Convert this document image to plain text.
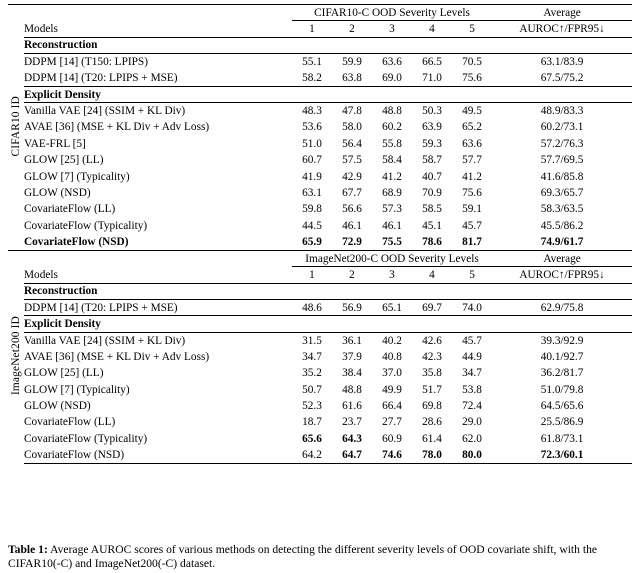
CIFAR10 ID		CIFAR10-C OOD Severity Levels					Average
	Models	1	2	3	4	5	AUROC↑/FPR95↓
	Reconstruction						
	DDPM [14] (T150: LPIPS)	55.1	59.9	63.6	66.5	70.5	63.1/83.9
	DDPM [14] (T20: LPIPS + MSE)	58.2	63.8	69.0	71.0	75.6	67.5/75.2
	Explicit Density						
	Vanilla VAE [24] (SSIM + KL Div)	48.3	47.8	48.8	50.3	49.5	48.9/83.3
	AVAE [36] (MSE + KL Div + Adv Loss)	53.6	58.0	60.2	63.9	65.2	60.2/73.1
	VAE-FRL [5]	51.0	56.4	55.8	59.3	63.6	57.2/76.3
	GLOW [25] (LL)	60.7	57.5	58.4	58.7	57.7	57.7/69.5
	GLOW [7] (Typicality)	41.9	42.9	41.2	40.7	41.2	41.6/85.8
	GLOW (NSD)	63.1	67.7	68.9	70.9	75.6	69.3/65.7
	CovariateFlow (LL)	59.8	56.6	57.3	58.5	59.1	58.3/63.5
	CovariateFlow (Typicality)	44.5	46.1	46.1	45.1	45.7	45.5/86.2
	CovariateFlow (NSD)	65.9	72.9	75.5	78.6	81.7	74.9/61.7
ImageNet200 ID		ImageNet200-C OOD Severity Levels					Average
	Models	1	2	3	4	5	AUROC↑/FPR95↓
	Reconstruction						
	DDPM [14] (T20: LPIPS + MSE)	48.6	56.9	65.1	69.7	74.0	62.9/75.8
	Explicit Density						
	Vanilla VAE [24] (SSIM + KL Div)	31.5	36.1	40.2	42.6	45.7	39.3/92.9
	AVAE [36] (MSE + KL Div + Adv Loss)	34.7	37.9	40.8	42.3	44.9	40.1/92.7
	GLOW [25] (LL)	35.2	38.4	37.0	35.8	34.7	36.2/81.7
	GLOW [7] (Typicality)	50.7	48.8	49.9	51.7	53.8	51.0/79.8
	GLOW (NSD)	52.3	61.6	66.4	69.8	72.4	64.5/65.6
	CovariateFlow (LL)	18.7	23.7	27.7	28.6	29.0	25.5/86.9
	CovariateFlow (Typicality)	65.6	64.3	60.9	61.4	62.0	61.8/73.1
	CovariateFlow (NSD)	64.2	64.7	74.6	78.0	80.0	72.3/60.1
Table 1: Average AUROC scores of various methods on detecting the different severity levels of OOD covariate shift, with the CIFAR10(-C) and ImageNet200(-C) dataset.
